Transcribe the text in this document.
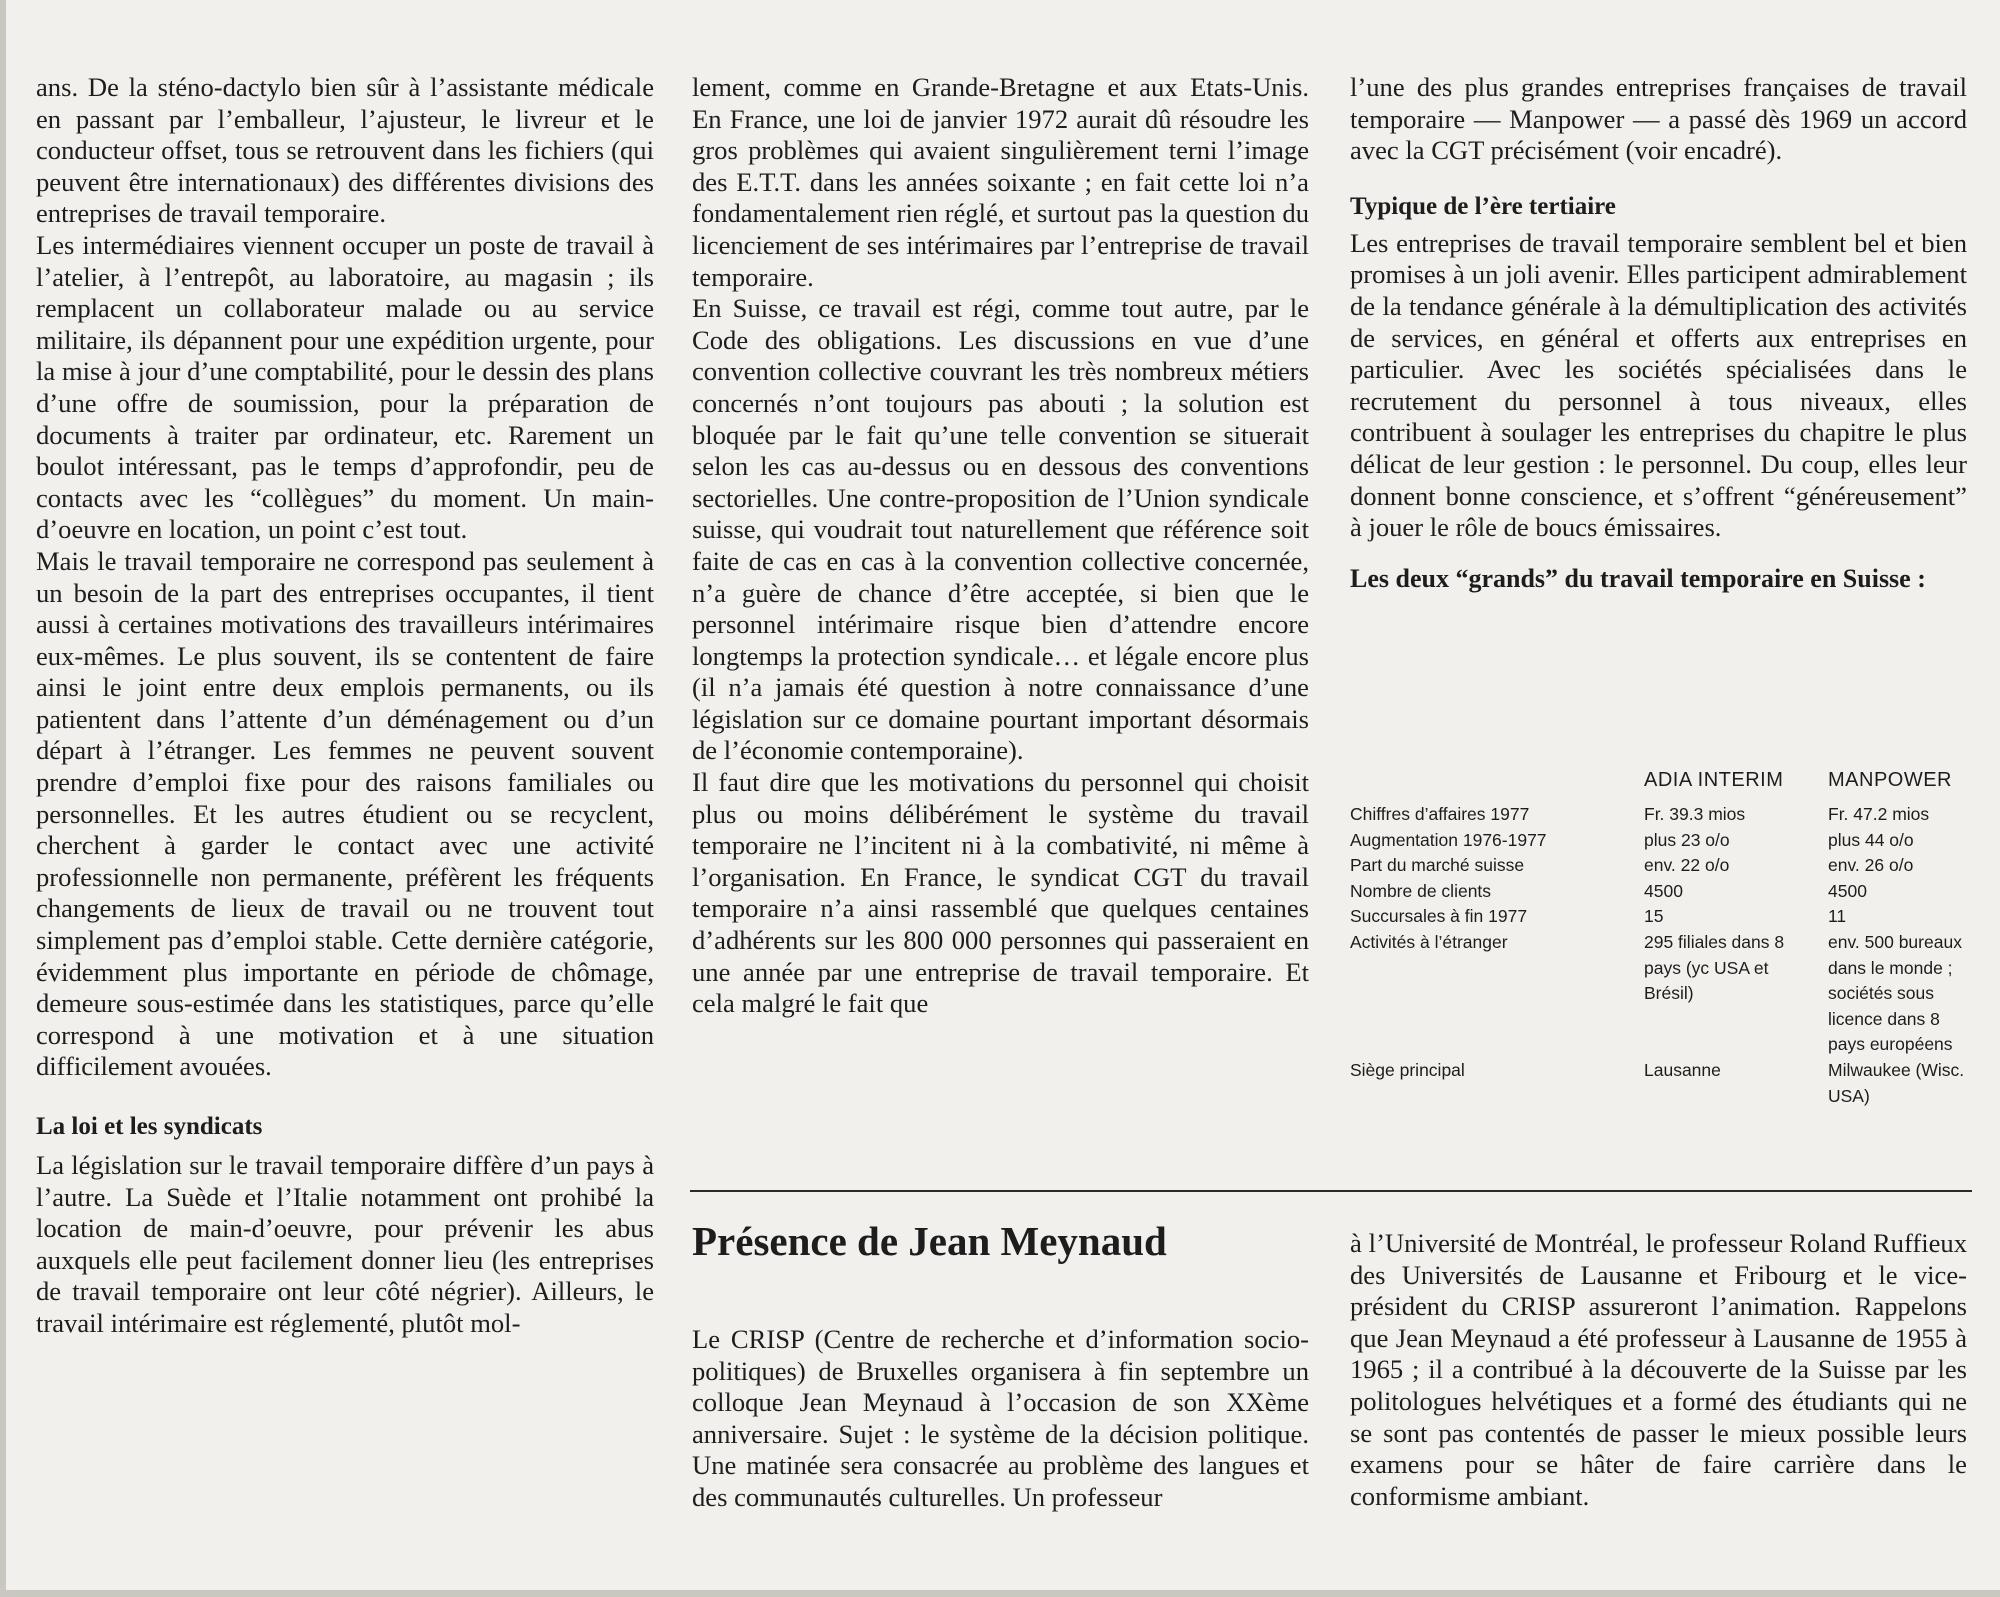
ans. De la sténo-dactylo bien sûr à l’assistante médicale en passant par l’emballeur, l’ajusteur, le livreur et le conducteur offset, tous se retrouvent dans les fichiers (qui peuvent être internationaux) des différentes divisions des entreprises de travail temporaire.

Les intermédiaires viennent occuper un poste de travail à l’atelier, à l’entrepôt, au laboratoire, au magasin ; ils remplacent un collaborateur malade ou au service militaire, ils dépannent pour une expédition urgente, pour la mise à jour d’une comptabilité, pour le dessin des plans d’une offre de soumission, pour la préparation de documents à traiter par ordinateur, etc. Rarement un boulot intéressant, pas le temps d’approfondir, peu de contacts avec les “collègues” du moment. Un main-d’oeuvre en location, un point c’est tout.

Mais le travail temporaire ne correspond pas seulement à un besoin de la part des entreprises occupantes, il tient aussi à certaines motivations des travailleurs intérimaires eux-mêmes. Le plus souvent, ils se contentent de faire ainsi le joint entre deux emplois permanents, ou ils patientent dans l’attente d’un déménagement ou d’un départ à l’étranger. Les femmes ne peuvent souvent prendre d’emploi fixe pour des raisons familiales ou personnelles. Et les autres étudient ou se recyclent, cherchent à garder le contact avec une activité professionnelle non permanente, préfèrent les fréquents changements de lieux de travail ou ne trouvent tout simplement pas d’emploi stable. Cette dernière catégorie, évidemment plus importante en période de chômage, demeure sous-estimée dans les statistiques, parce qu’elle correspond à une motivation et à une situation difficilement avouées.

La loi et les syndicats

La législation sur le travail temporaire diffère d’un pays à l’autre. La Suède et l’Italie notamment ont prohibé la location de main-d’oeuvre, pour prévenir les abus auxquels elle peut facilement donner lieu (les entreprises de travail temporaire ont leur côté négrier). Ailleurs, le travail intérimaire est réglementé, plutôt mol-

lement, comme en Grande-Bretagne et aux Etats-Unis. En France, une loi de janvier 1972 aurait dû résoudre les gros problèmes qui avaient singulièrement terni l’image des E.T.T. dans les années soixante ; en fait cette loi n’a fondamentalement rien réglé, et surtout pas la question du licenciement de ses intérimaires par l’entreprise de travail temporaire.

En Suisse, ce travail est régi, comme tout autre, par le Code des obligations. Les discussions en vue d’une convention collective couvrant les très nombreux métiers concernés n’ont toujours pas abouti ; la solution est bloquée par le fait qu’une telle convention se situerait selon les cas au-dessus ou en dessous des conventions sectorielles. Une contre-proposition de l’Union syndicale suisse, qui voudrait tout naturellement que référence soit faite de cas en cas à la convention collective concernée, n’a guère de chance d’être acceptée, si bien que le personnel intérimaire risque bien d’attendre encore longtemps la protection syndicale… et légale encore plus (il n’a jamais été question à notre connaissance d’une législation sur ce domaine pourtant important désormais de l’économie contemporaine).

Il faut dire que les motivations du personnel qui choisit plus ou moins délibérément le système du travail temporaire ne l’incitent ni à la combativité, ni même à l’organisation. En France, le syndicat CGT du travail temporaire n’a ainsi rassemblé que quelques centaines d’adhérents sur les 800 000 personnes qui passeraient en une année par une entreprise de travail temporaire. Et cela malgré le fait que

l’une des plus grandes entreprises françaises de travail temporaire — Manpower — a passé dès 1969 un accord avec la CGT précisément (voir encadré).

Typique de l’ère tertiaire

Les entreprises de travail temporaire semblent bel et bien promises à un joli avenir. Elles participent admirablement de la tendance générale à la démultiplication des activités de services, en général et offerts aux entreprises en particulier. Avec les sociétés spécialisées dans le recrutement du personnel à tous niveaux, elles contribuent à soulager les entreprises du chapitre le plus délicat de leur gestion : le personnel. Du coup, elles leur donnent bonne conscience, et s’offrent “généreusement” à jouer le rôle de boucs émissaires.

Les deux “grands” du travail temporaire en Suisse :
	ADIA INTERIM	MANPOWER
Chiffres d’affaires 1977	Fr. 39.3 mios	Fr. 47.2 mios
Augmentation 1976-1977	plus 23 o/o	plus 44 o/o
Part du marché suisse	env. 22 o/o	env. 26 o/o
Nombre de clients	4500	4500
Succursales à fin 1977	15	11
Activités à l’étranger	295 filiales dans 8 pays (yc USA et Brésil)	env. 500 bureaux dans le monde ; sociétés sous licence dans 8 pays européens
Siège principal	Lausanne	Milwaukee (Wisc. USA)
Présence de Jean Meynaud

Le CRISP (Centre de recherche et d’information socio-politiques) de Bruxelles organisera à fin septembre un colloque Jean Meynaud à l’occasion de son XXème anniversaire. Sujet : le système de la décision politique. Une matinée sera consacrée au problème des langues et des communautés culturelles. Un professeur

à l’Université de Montréal, le professeur Roland Ruffieux des Universités de Lausanne et Fribourg et le vice-président du CRISP assureront l’animation. Rappelons que Jean Meynaud a été professeur à Lausanne de 1955 à 1965 ; il a contribué à la découverte de la Suisse par les politologues helvétiques et a formé des étudiants qui ne se sont pas contentés de passer le mieux possible leurs examens pour se hâter de faire carrière dans le conformisme ambiant.
